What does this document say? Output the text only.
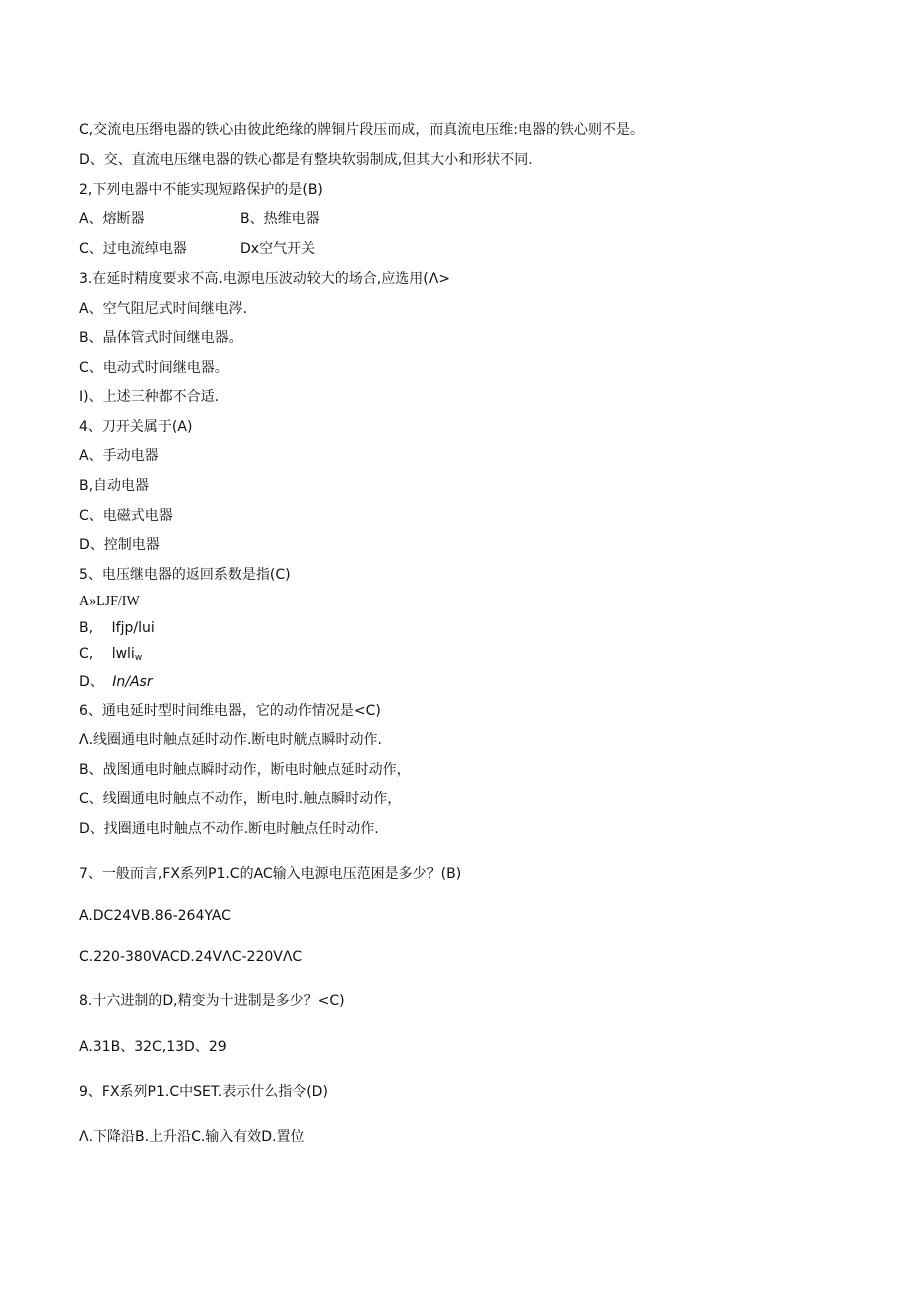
C,交流电压缗电器的铁心由彼此绝缘的牌铜片段压而成，而真流电压维:电器的铁心则不是。
D、交、直流电压继电器的铁心都是有整块软弱制成,但其大小和形状不同.
2,下列电器中不能实现短路保护的是(B)
A、熔断器	B、热维电器
C、过电流绰电器	Dx空气开关
3.在延时精度要求不高.电源电压波动较大的场合,应选用(Λ>
A、空气阻尼式时间继电涔.
B、晶体管式时间继电器。
C、电动式时间继电器。
I)、上述三种都不合适.
4、刀开关属于(A)
A、手动电器
B,自动电器
C、电磁式电器
D、控制电器
5、电压继电器的返回系数是指(C)
A»LJF/IW
B, Ifjp/lui
C, lwli$_w$
D、 In/Asr
6、通电延时型时间维电器，它的动作情况是<C)
Λ.线圈通电时触点延时动作.断电时觥点瞬时动作.
B、战图通电时触点瞬时动作，断电时触点延时动作，
C、线圈通电时触点不动作，断电时.触点瞬时动作，
D、找圈通电时触点不动作.断电时触点任时动作.
7、一般而言,FX系列P1.C的AC输入电源电压范困是多少？(B)
A.DC24VB.86-264YAC
C.220-380VACD.24VΛC-220VΛC
8.十六进制的D,精变为十进制是多少？<C)
A.31B、32C,13D、29
9、FX系列P1.C中SET.表示什么指令(D)
Λ.下降沿B.上升沿C.输入有效D.置位
